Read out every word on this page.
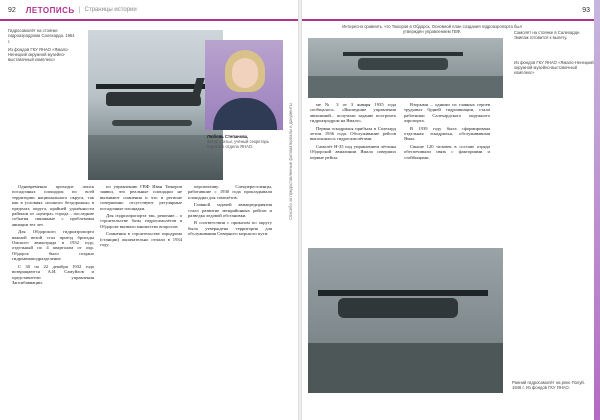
92 ЛЕТОПИСЬ | Страницы истории
Гидросамолёт на стоянке гидроаэродрома Салехарда. 1964 г.
Из фондов ГКУ ЯНАО «Ямало-Ненецкий окружной музейно-выставочный комплекс»
Любовь Степанова,
автор статьи, учёный секретарь научного отдела ЯНАО.	Спасибо за предоставленные фотоматериалы и документы

Одновременно проходит поиск посадочных площадок по всей территории национального округа, так как в условиях «полного бездорожья» в пределах округа, крайней удалённости районов от «центра» города... последние события связанные с проблемами авиации тех лет.

Для Обдорского гидроаэропорта важной вехой стал приезд бригады Омского авиаотряда в 1932 году, отдельный по 4 кварталам от окр. Обдорск было создано гидроавиаподразделение.

С 30 по 22 декабря 1932 года возвращаются А.И. Самуйлов и представители управления Запсибавиации.

по управлению ГВФ Иван Тюкоров заявил, что реальные площадки не вызывают сомнения и что в регионе совершенно отсутствуют регулярные посадочные площадки.

Для гидроаэропорта так, решение... о строительстве базы гидросамолётов в Обдорске вызвало множество вопросов.

Сомнения в строительстве аэродрома (станции) окончательно отпали в 1934 году.

перспективу. Спецпереселенцы, работавшие с 1930 года прокладывали площадки для самолётов.

Главной задачей авиапредприятия стало развитие межрайонных рейсов и разведка ледовой обстановки.

В соответствии с приказом по округу была утверждена территория для обслуживания Северного морского пути.

93
Интересно сравнить, что Тюкоров в Обдорск. Основной план создания гидроаэропорта был утверждён управлением ГВФ.

ме № 3 от 3 января 1935 года сообщалось: «Вышедшие управления авиалиний... получили задание построить гидроаэродром на Ямале».

Первая эскадрилья прибыла в Салехард летом 1936 года. Обслуживание рейсов выполнялось гидросамолётами.

Самолёт Н-35 под управлением лётчика Обдорской авиалинии Ямала совершил первые рейсы.

Вторыми – одними из главных героев трудовых будней гидроавиации, стали работники Салехардского окружного аэропорта.

В 1939 году была сформирована отдельная эскадрилья, обслуживавшая Ямал.

Свыше 120 человек в составе отряда обеспечивали связь с факториями и стойбищами.

Самолёт на стоянке в Салехарде. Экипаж готовится к вылету.
Из фондов ГКУ ЯНАО «Ямало-Ненецкий окружной музейно-выставочный комплекс»
Ранний гидросамолёт на реке Полуй. 1946 г. Из фондов ГКУ ЯНАО.
